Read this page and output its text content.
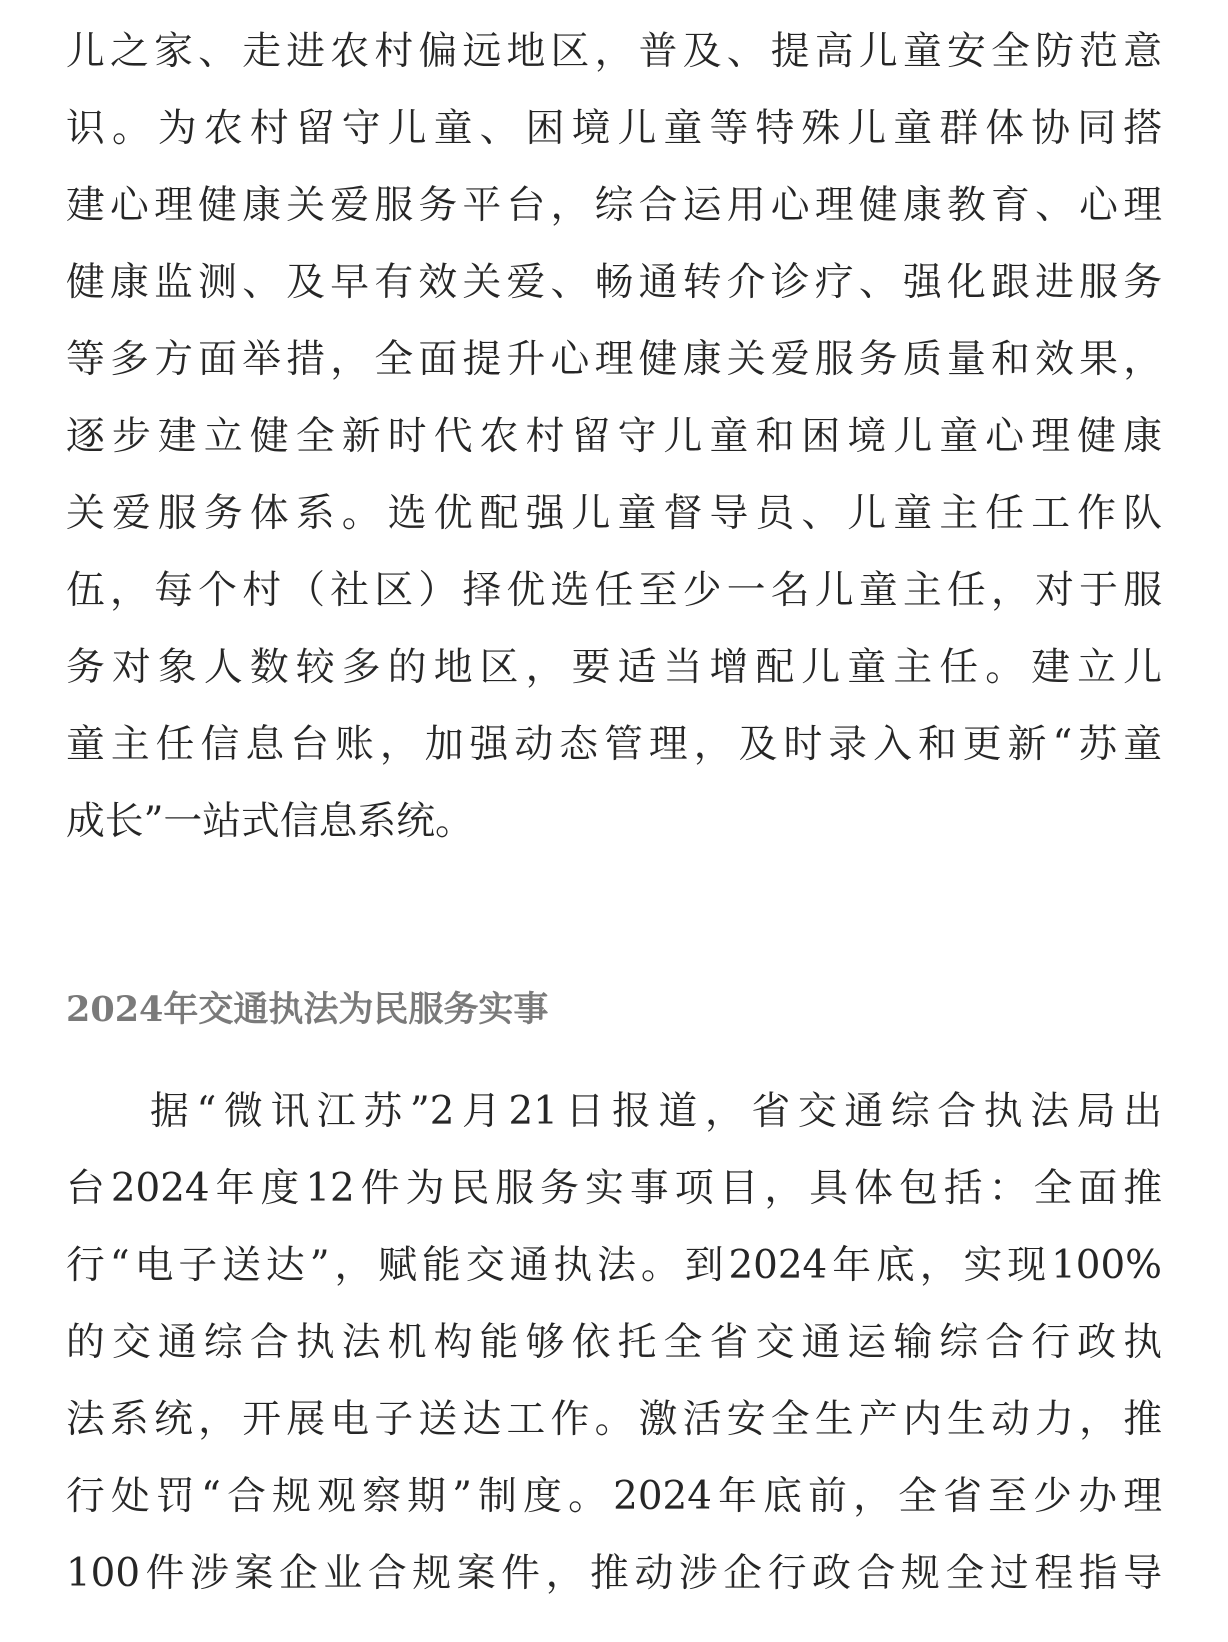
儿之家、走进农村偏远地区，普及、提高儿童安全防范意

识。为农村留守儿童、困境儿童等特殊儿童群体协同搭

建心理健康关爱服务平台，综合运用心理健康教育、心理

健康监测、及早有效关爱、畅通转介诊疗、强化跟进服务

等多方面举措，全面提升心理健康关爱服务质量和效果，

逐步建立健全新时代农村留守儿童和困境儿童心理健康

关爱服务体系。选优配强儿童督导员、儿童主任工作队

伍，每个村（社区）择优选任至少一名儿童主任，对于服

务对象人数较多的地区，要适当增配儿童主任。建立儿

童主任信息台账，加强动态管理，及时录入和更新“苏童

成长”一站式信息系统。

2024年交通执法为民服务实事

据“微讯江苏”2月21日报道，省交通综合执法局出

台2024年度12件为民服务实事项目，具体包括：全面推

行“电子送达”，赋能交通执法。到2024年底，实现100%

的交通综合执法机构能够依托全省交通运输综合行政执

法系统，开展电子送达工作。激活安全生产内生动力，推

行处罚“合规观察期”制度。2024年底前，全省至少办理

100件涉案企业合规案件，推动涉企行政合规全过程指导
